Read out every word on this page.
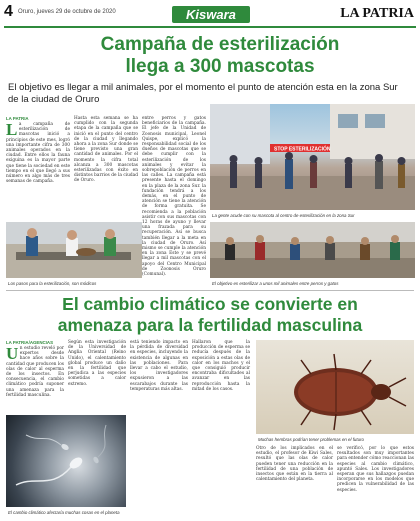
4 Oruro, jueves 29 de octubre de 2020	Kiswara	LA PATRIA
Campaña de esterilización
llega a 300 mascotas
El objetivo es llegar a mil animales, por el momento el punto de atención esta en la zona Sur de la ciudad de Oruro
LA PATRIA
L a campaña de esterilización de mascotas inició a principios de este mes, logró una importante cifra de 300 animales operados en la ciudad. Entre ellos la fauna exiguina es la mayor parte que tiene la sociedad en este tiempo en el que llegó a sus número en algo más de tres semanas de campaña.
Hasta esta semana se ha cumplido con la segunda etapa de la campaña que se inició en el punto del centro de la ciudad y llegando ahora a la zona Sur donde se tiene previsto una gran cantidad de animales. Por el momento la cifra total alcanza a 300 mascotas esterilizadas con éxito en distintos barrios de la ciudad de Oruro.
entre perros y gatos beneficiarios de la campaña. El jefe de la Unidad de Zoonosis municipal, Leonel Quispe, explicó la responsabilidad social de los dueños de mascotas que se debe cumplir con la esterilización de los animales y evitar la sobrepoblación de perros en las calles. La campaña está presente hasta el domingo en la plaza de la zona Sur. la fundación tendrá a los demás, en el punto de atención se tiene la atención de forma gratuita. Se recomienda a la población asistir con sus mascotas con 12 horas de ayuno y llevar una frazada para su recuperación. Así se busca también llegar a la meta en la ciudad de Oruro. Así mismo se cumple la atención en la zona Este y se prevé llegar a mil mascotas con el apoyo del Centro Municipal de Zoonosis Oruro (Comunal).
STOP ESTERILIZACIÓN
La gente acude con su mascota al centro de esterilización en la zona Sur
Los pasos para la esterilización, son módicos	El objetivo es esterilizar a unos mil animales entre perros y gatos
El cambio climático se convierte en
amenaza para la fertilidad masculina
LA PATRIA/AGENCIAS
U n estudio reveló por expertos desde hace años sobre la cantidad que producen los olas de calor al esperma de los insectos. En consecuencia, el cambio climático podría suponer una amenaza para la fertilidad masculina.
Según esta investigación de la Universidad de Anglia Oriental (Reino Unido), el calentamiento global produce un daño en la fertilidad que perjudica a las especies sometidas a calor extremo.
está teniendo impacto en la pérdida de diversidad en especies, incluyendo la existencia de algunas en las poblaciones. Para llevar a cabo el estudio, los investigadores expusieron a las escarabajos durante las temperaturas más altas.
Hallaron que la producción de esperma se reducía después de la exposición a estas olas de calor en los machos y el que consiguió producir encontraba dificultades al avanzar en las reproducción hasta la mitad de los casos.
El cambio climático afectaría muchas cosas en el planeta
Muchas hembras podrían tener problemas en el futuro
Otro de los implicados en el estudio, el profesor de Kiwi Sales, resultó que las olas de calor pueden tener una reducción en la fertilidad de una población de insectos que están en la tierra al calentamiento del planeta.
se verificó, por lo que estos resultados son muy importantes para entender cómo reaccionan las especies al cambio climático, apuntó Sales. Los investigadores esperan que sus hallazgos puedan incorporarse en los modelos que predicen la vulnerabilidad de las especies.
